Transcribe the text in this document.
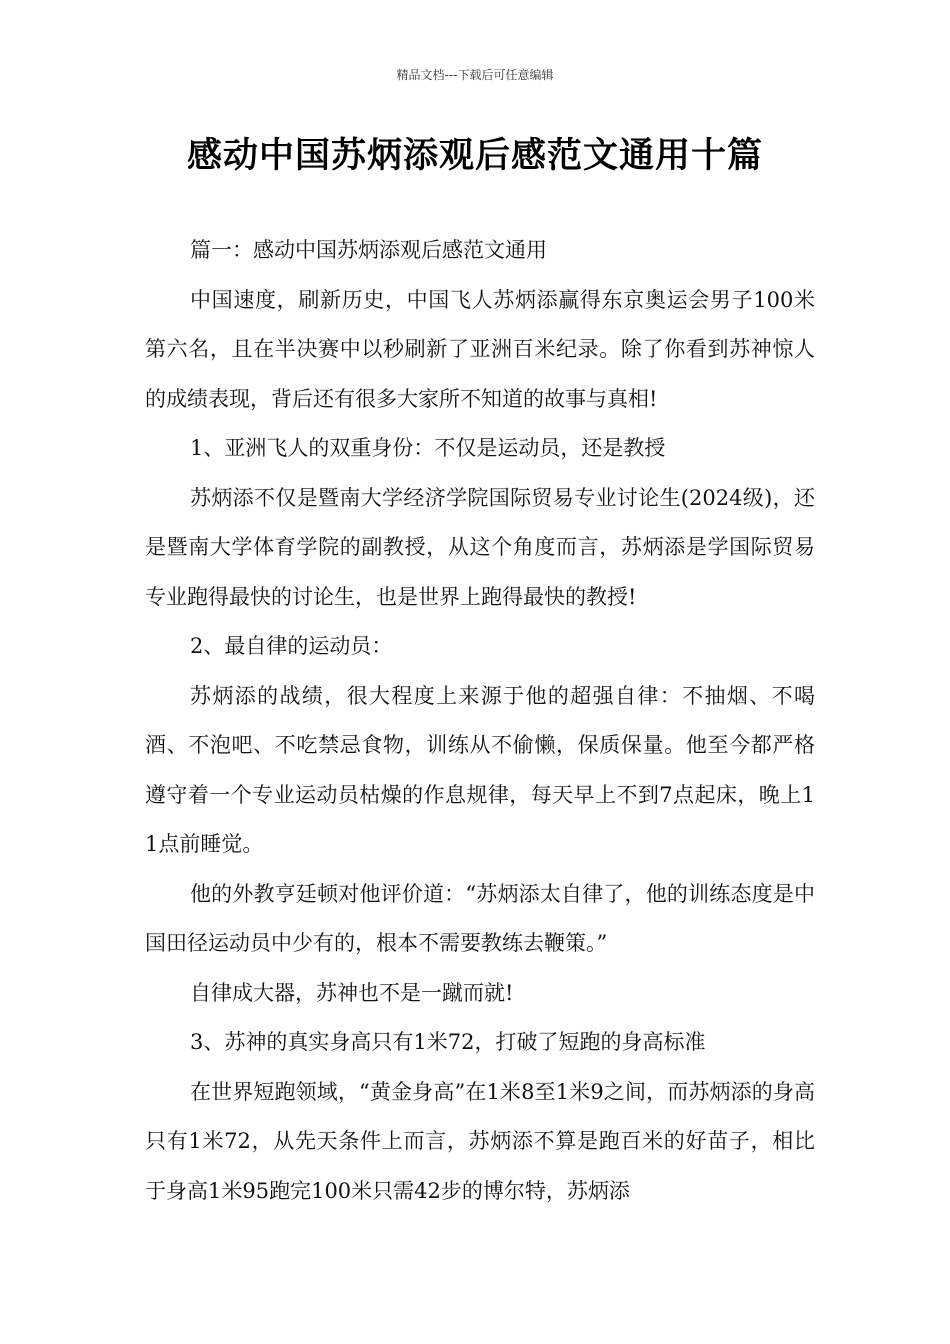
精品文档---下载后可任意编辑
感动中国苏炳添观后感范文通用十篇

篇一：感动中国苏炳添观后感范文通用

中国速度，刷新历史，中国飞人苏炳添赢得东京奥运会男子100米第六名，且在半决赛中以秒刷新了亚洲百米纪录。除了你看到苏神惊人的成绩表现，背后还有很多大家所不知道的故事与真相!

1、亚洲飞人的双重身份：不仅是运动员，还是教授

苏炳添不仅是暨南大学经济学院国际贸易专业讨论生(2024级)，还是暨南大学体育学院的副教授，从这个角度而言，苏炳添是学国际贸易专业跑得最快的讨论生，也是世界上跑得最快的教授!

2、最自律的运动员：

苏炳添的战绩，很大程度上来源于他的超强自律：不抽烟、不喝酒、不泡吧、不吃禁忌食物，训练从不偷懒，保质保量。他至今都严格遵守着一个专业运动员枯燥的作息规律，每天早上不到7点起床，晚上11点前睡觉。

他的外教亨廷顿对他评价道：“苏炳添太自律了，他的训练态度是中国田径运动员中少有的，根本不需要教练去鞭策。”

自律成大器，苏神也不是一蹴而就!

3、苏神的真实身高只有1米72，打破了短跑的身高标准

在世界短跑领域，“黄金身高”在1米8至1米9之间，而苏炳添的身高只有1米72，从先天条件上而言，苏炳添不算是跑百米的好苗子，相比于身高1米95跑完100米只需42步的博尔特，苏炳添
